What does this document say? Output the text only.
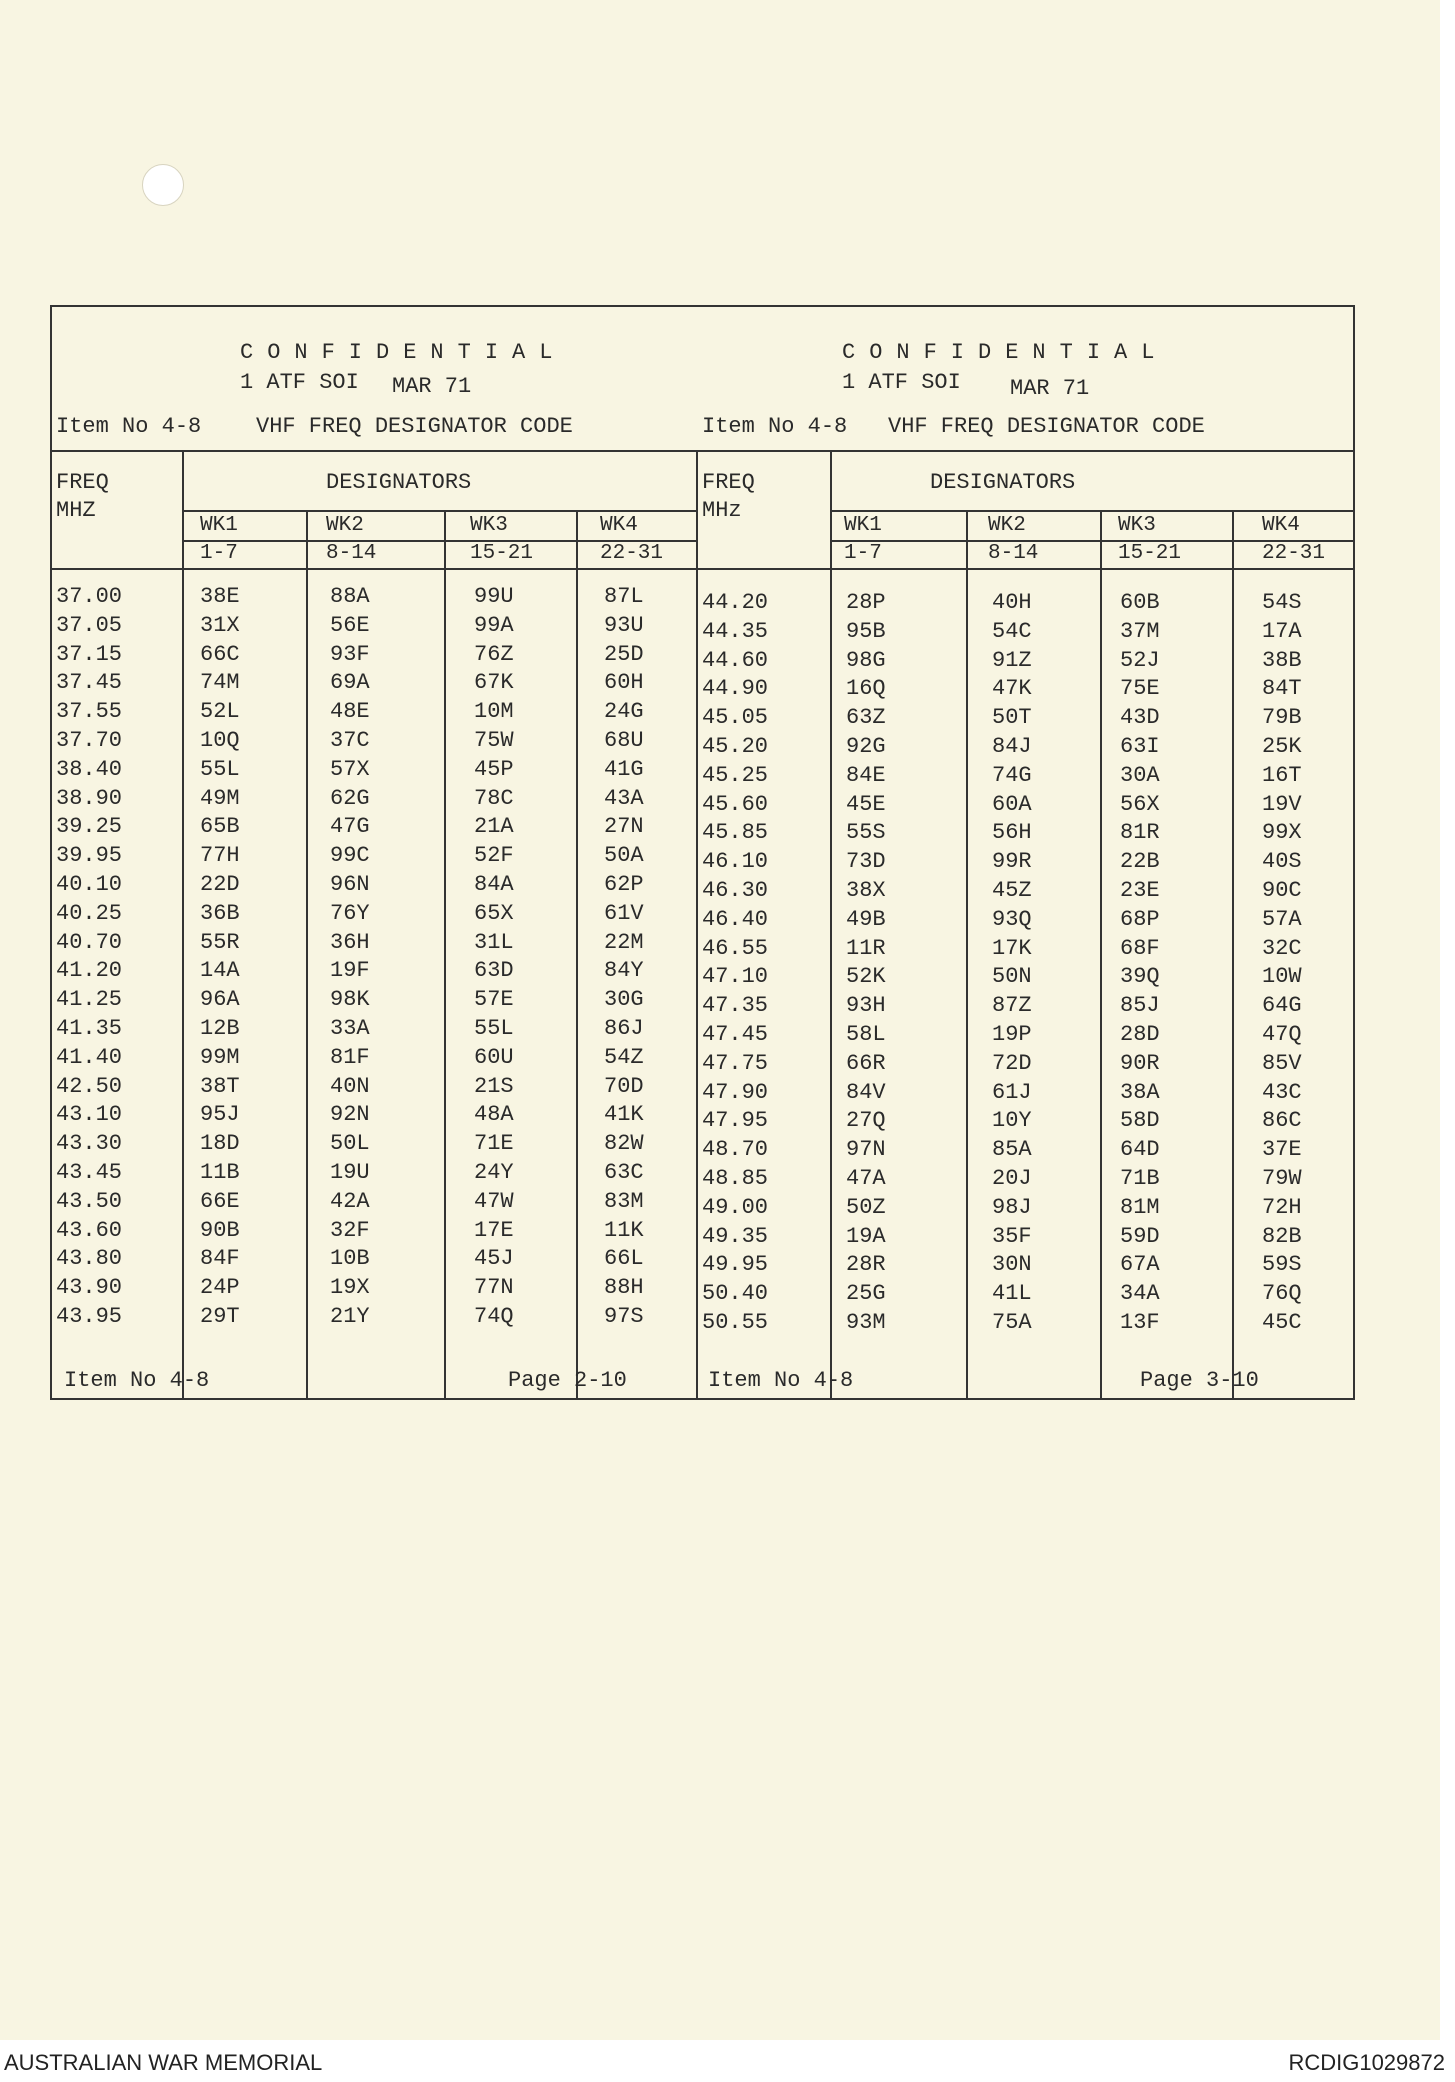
CONFIDENTIAL
1 ATF SOI MAR 71
Item No 4-8 VHF FREQ DESIGNATOR CODE
CONFIDENTIAL
1 ATF SOI MAR 71
Item No 4-8 VHF FREQ DESIGNATOR CODE
FREQ
MHZ
DESIGNATORS	FREQ
MHz
DESIGNATORS
WK1	WK2	WK3	WK4
1-7	8-14	15-21	22-31
WK1	WK2	WK3	WK4
1-7	8-14	15-21	22-31
37.00	38E	88A	99U	87L
37.05	31X	56E	99A	93U
37.15	66C	93F	76Z	25D
37.45	74M	69A	67K	60H
37.55	52L	48E	10M	24G
37.70	10Q	37C	75W	68U
38.40	55L	57X	45P	41G
38.90	49M	62G	78C	43A
39.25	65B	47G	21A	27N
39.95	77H	99C	52F	50A
40.10	22D	96N	84A	62P
40.25	36B	76Y	65X	61V
40.70	55R	36H	31L	22M
41.20	14A	19F	63D	84Y
41.25	96A	98K	57E	30G
41.35	12B	33A	55L	86J
41.40	99M	81F	60U	54Z
42.50	38T	40N	21S	70D
43.10	95J	92N	48A	41K
43.30	18D	50L	71E	82W
43.45	11B	19U	24Y	63C
43.50	66E	42A	47W	83M
43.60	90B	32F	17E	11K
43.80	84F	10B	45J	66L
43.90	24P	19X	77N	88H
43.95	29T	21Y	74Q	97S
44.20	28P	40H	60B	54S
44.35	95B	54C	37M	17A
44.60	98G	91Z	52J	38B
44.90	16Q	47K	75E	84T
45.05	63Z	50T	43D	79B
45.20	92G	84J	63I	25K
45.25	84E	74G	30A	16T
45.60	45E	60A	56X	19V
45.85	55S	56H	81R	99X
46.10	73D	99R	22B	40S
46.30	38X	45Z	23E	90C
46.40	49B	93Q	68P	57A
46.55	11R	17K	68F	32C
47.10	52K	50N	39Q	10W
47.35	93H	87Z	85J	64G
47.45	58L	19P	28D	47Q
47.75	66R	72D	90R	85V
47.90	84V	61J	38A	43C
47.95	27Q	10Y	58D	86C
48.70	97N	85A	64D	37E
48.85	47A	20J	71B	79W
49.00	50Z	98J	81M	72H
49.35	19A	35F	59D	82B
49.95	28R	30N	67A	59S
50.40	25G	41L	34A	76Q
50.55	93M	75A	13F	45C
Item No 4-8	Page 2-10	Item No 4-8	Page 3-10
AUSTRALIAN WAR MEMORIAL	RCDIG1029872
